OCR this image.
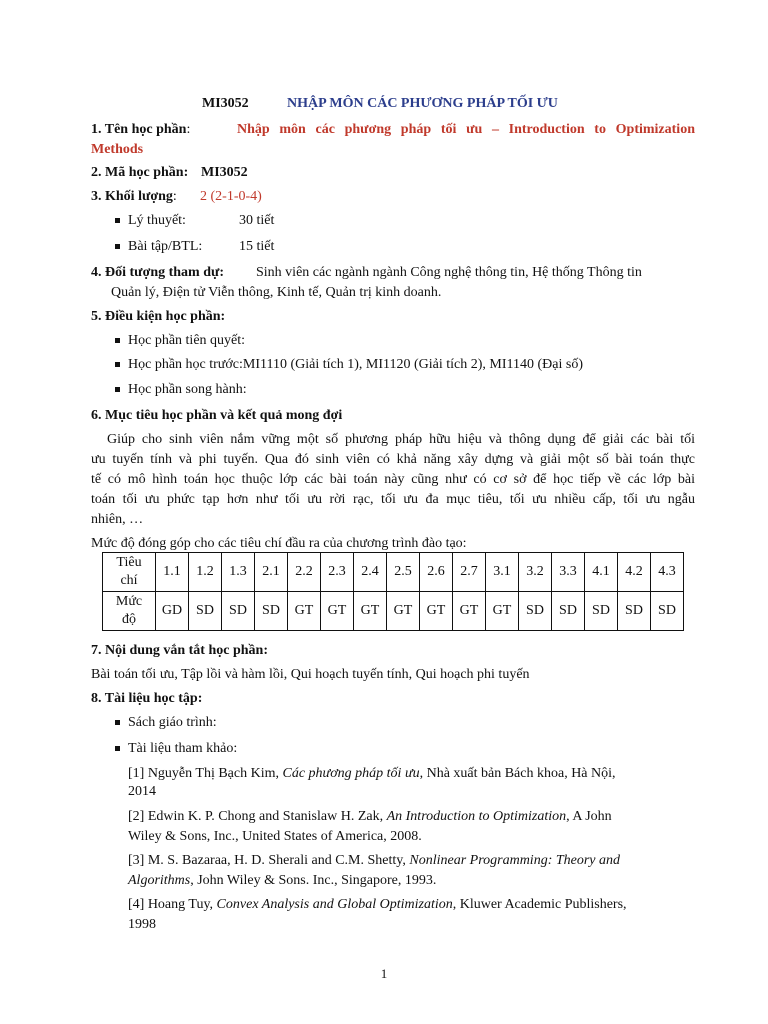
MI3052	NHẬP MÔN CÁC PHƯƠNG PHÁP TỐI ƯU
1. Tên học phần:	Nhập môn các phương pháp tối ưu – Introduction to Optimization
Methods
2. Mã học phần: MI3052
3. Khối lượng: 2 (2-1-0-4)
Lý thuyết:	30 tiết
Bài tập/BTL:	15 tiết
4. Đối tượng tham dự: Sinh viên các ngành ngành Công nghệ thông tin, Hệ thống Thông tin
Quản lý, Điện tử Viễn thông, Kinh tế, Quản trị kinh doanh.
5. Điều kiện học phần:
Học phần tiên quyết:
Học phần học trước:MI1110 (Giải tích 1), MI1120 (Giải tích 2), MI1140 (Đại số)
Học phần song hành:
6. Mục tiêu học phần và kết quả mong đợi
Giúp cho sinh viên nắm vững một số phương pháp hữu hiệu và thông dụng để giải các bài tối
ưu tuyến tính và phi tuyến. Qua đó sinh viên có khả năng xây dựng và giải một số bài toán thực
tế có mô hình toán học thuộc lớp các bài toán này cũng như có cơ sở để học tiếp về các lớp bài
toán tối ưu phức tạp hơn như tối ưu rời rạc, tối ưu đa mục tiêu, tối ưu nhiều cấp, tối ưu ngẫu
nhiên, …
Mức độ đóng góp cho các tiêu chí đầu ra của chương trình đào tạo:
Tiêu
chí	1.1	1.2	1.3	2.1	2.2	2.3	2.4	2.5	2.6	2.7	3.1	3.2	3.3	4.1	4.2	4.3
Mức
độ	GD	SD	SD	SD	GT	GT	GT	GT	GT	GT	GT	SD	SD	SD	SD	SD
7. Nội dung vắn tắt học phần:
Bài toán tối ưu, Tập lồi và hàm lồi, Qui hoạch tuyến tính, Qui hoạch phi tuyến
8. Tài liệu học tập:
Sách giáo trình:
Tài liệu tham khảo:
[1] Nguyễn Thị Bạch Kim, Các phương pháp tối ưu, Nhà xuất bản Bách khoa, Hà Nội,
2014
[2] Edwin K. P. Chong and Stanislaw H. Zak, An Introduction to Optimization, A John
Wiley & Sons, Inc., United States of America, 2008.
[3] M. S. Bazaraa, H. D. Sherali and C.M. Shetty, Nonlinear Programming: Theory and
Algorithms, John Wiley & Sons. Inc., Singapore, 1993.
[4] Hoang Tuy, Convex Analysis and Global Optimization, Kluwer Academic Publishers,
1998
1
